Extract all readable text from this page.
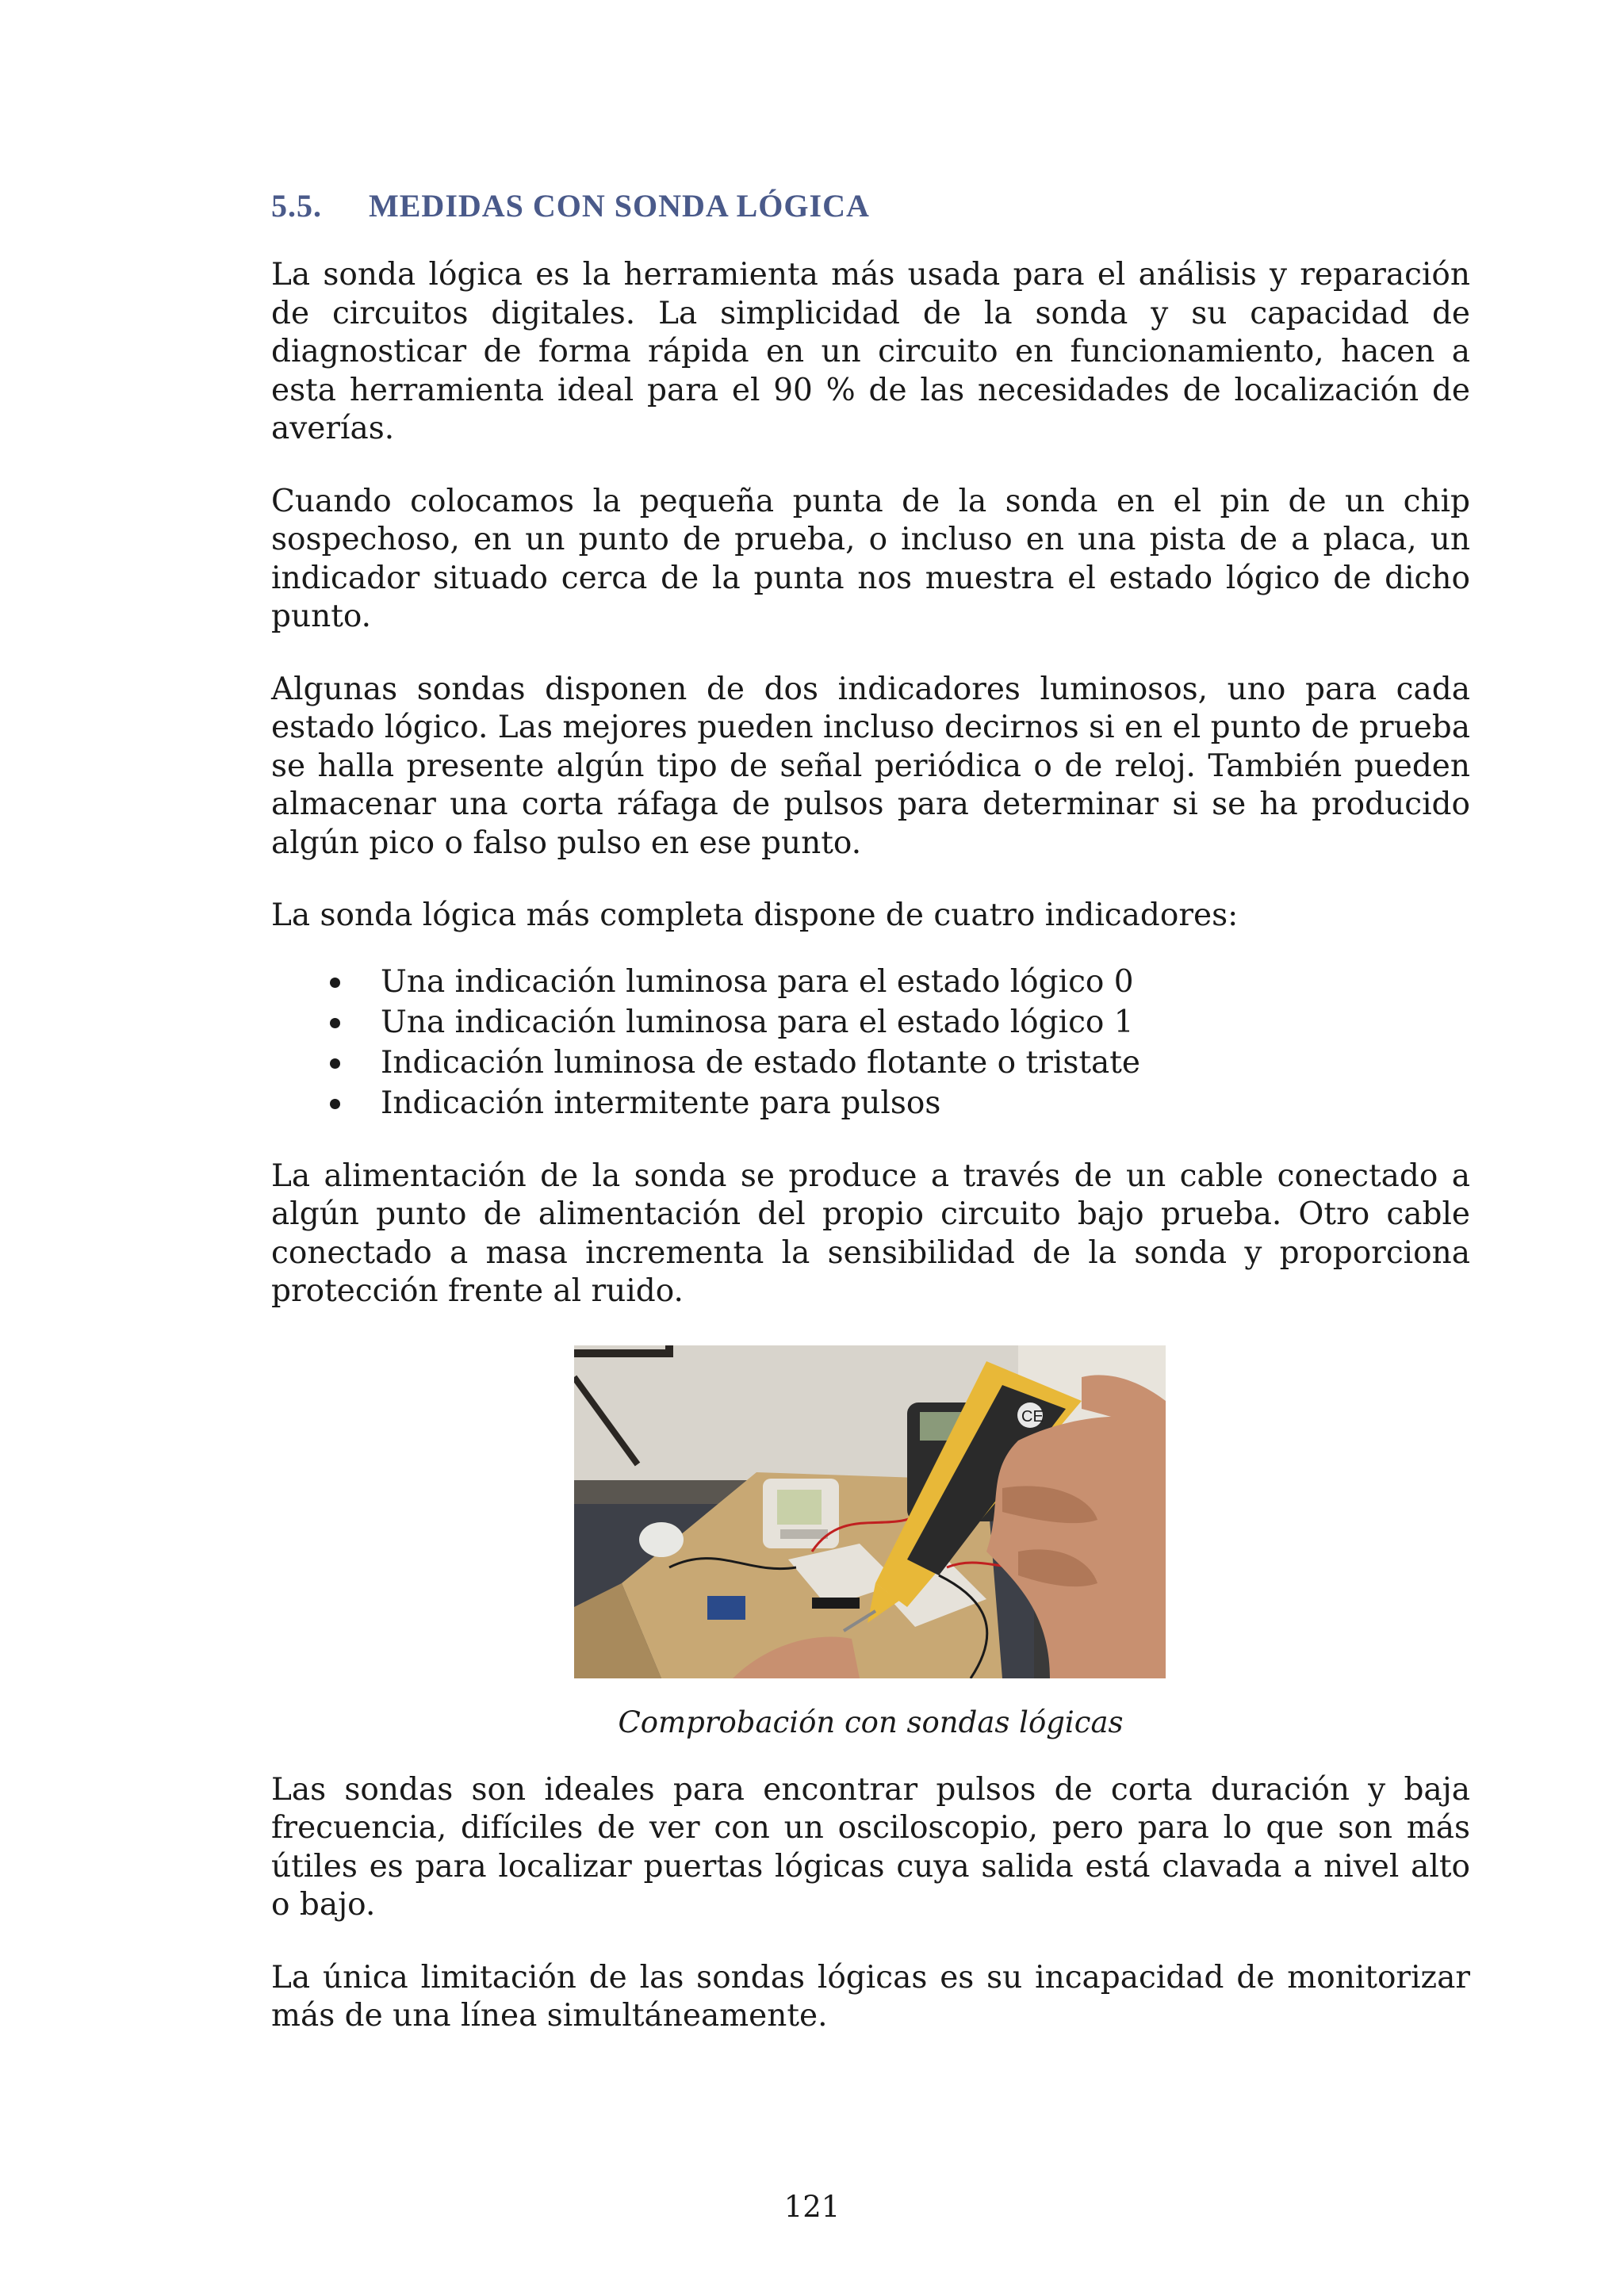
5.5. MEDIDAS CON SONDA LÓGICA

La sonda lógica es la herramienta más usada para el análisis y reparación de circuitos digitales. La simplicidad de la sonda y su capacidad de diagnosticar de forma rápida en un circuito en funcionamiento, hacen a esta herramienta ideal para el 90 % de las necesidades de localización de averías.

Cuando colocamos la pequeña punta de la sonda en el pin de un chip sospechoso, en un punto de prueba, o incluso en una pista de a placa, un indicador situado cerca de la punta nos muestra el estado lógico de dicho punto.

Algunas sondas disponen de dos indicadores luminosos, uno para cada estado lógico. Las mejores pueden incluso decirnos si en el punto de prueba se halla presente algún tipo de señal periódica o de reloj. También pueden almacenar una corta ráfaga de pulsos para determinar si se ha producido algún pico o falso pulso en ese punto.

La sonda lógica más completa dispone de cuatro indicadores:

Una indicación luminosa para el estado lógico 0
Una indicación luminosa para el estado lógico 1
Indicación luminosa de estado flotante o tristate
Indicación intermitente para pulsos

La alimentación de la sonda se produce a través de un cable conectado a algún punto de alimentación del propio circuito bajo prueba. Otro cable conectado a masa incrementa la sensibilidad de la sonda y proporciona protección frente al ruido.

CE
Comprobación con sondas lógicas

Las sondas son ideales para encontrar pulsos de corta duración y baja frecuencia, difíciles de ver con un osciloscopio, pero para lo que son más útiles es para localizar puertas lógicas cuya salida está clavada a nivel alto o bajo.

La única limitación de las sondas lógicas es su incapacidad de monitorizar más de una línea simultáneamente.

121
